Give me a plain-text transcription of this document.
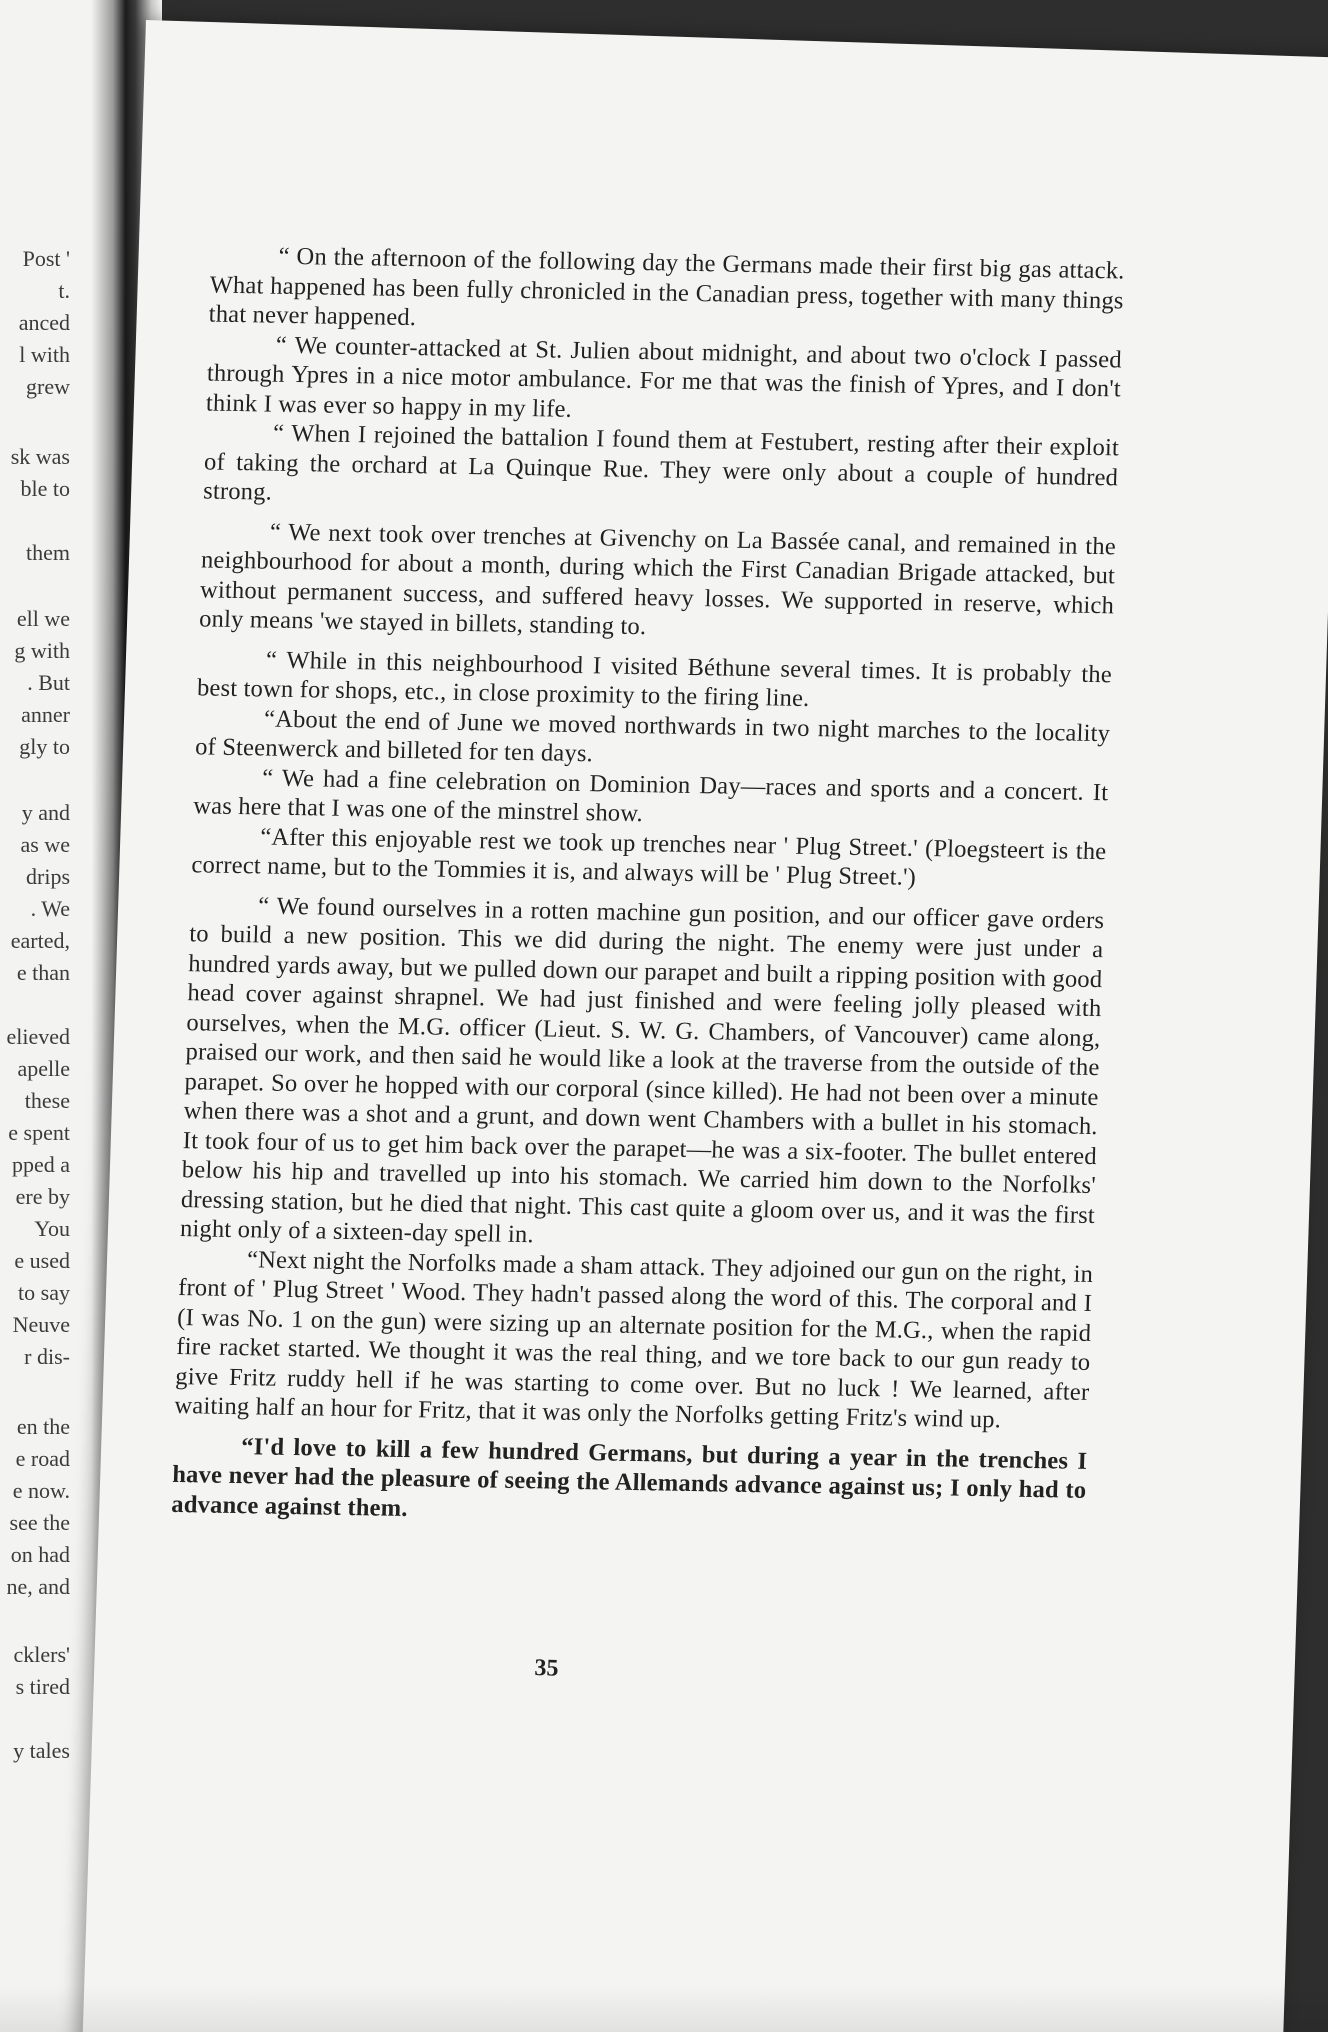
Post '
t.
anced
l with
grew
sk was
ble to
them
ell we
g with
. But
anner
gly to
y and
as we
drips
. We
earted,
e than
elieved
apelle
these
e spent
pped a
ere by
You
e used
to say
Neuve
r dis-
en the
e road
e now.
see the
on had
ne, and
cklers'
s tired
y tales

“ On the afternoon of the following day the Germans made their first big gas attack. What happened has been fully chronicled in the Canadian press, together with many things that never happened.

“ We counter-attacked at St. Julien about midnight, and about two o'clock I passed through Ypres in a nice motor ambulance. For me that was the finish of Ypres, and I don't think I was ever so happy in my life.

“ When I rejoined the battalion I found them at Festubert, resting after their exploit of taking the orchard at La Quinque Rue. They were only about a couple of hundred strong.

“ We next took over trenches at Givenchy on La Bassée canal, and remained in the neighbourhood for about a month, during which the First Canadian Brigade attacked, but without permanent success, and suffered heavy losses. We supported in reserve, which only means 'we stayed in billets, standing to.

“ While in this neighbourhood I visited Béthune several times. It is probably the best town for shops, etc., in close proximity to the firing line.

“About the end of June we moved northwards in two night marches to the locality of Steenwerck and billeted for ten days.

“ We had a fine celebration on Dominion Day—races and sports and a concert. It was here that I was one of the minstrel show.

“After this enjoyable rest we took up trenches near ' Plug Street.' (Ploegsteert is the correct name, but to the Tommies it is, and always will be ' Plug Street.')

“ We found ourselves in a rotten machine gun position, and our officer gave orders to build a new position. This we did during the night. The enemy were just under a hundred yards away, but we pulled down our parapet and built a ripping position with good head cover against shrapnel. We had just finished and were feeling jolly pleased with ourselves, when the M.G. officer (Lieut. S. W. G. Chambers, of Vancouver) came along, praised our work, and then said he would like a look at the traverse from the outside of the parapet. So over he hopped with our corporal (since killed). He had not been over a minute when there was a shot and a grunt, and down went Chambers with a bullet in his stomach. It took four of us to get him back over the parapet—he was a six-footer. The bullet entered below his hip and travelled up into his stomach. We carried him down to the Norfolks' dressing station, but he died that night. This cast quite a gloom over us, and it was the first night only of a sixteen-day spell in.

“Next night the Norfolks made a sham attack. They adjoined our gun on the right, in front of ' Plug Street ' Wood. They hadn't passed along the word of this. The corporal and I (I was No. 1 on the gun) were sizing up an alternate position for the M.G., when the rapid fire racket started. We thought it was the real thing, and we tore back to our gun ready to give Fritz ruddy hell if he was starting to come over. But no luck ! We learned, after waiting half an hour for Fritz, that it was only the Norfolks getting Fritz's wind up.

“I'd love to kill a few hundred Germans, but during a year in the trenches I have never had the pleasure of seeing the Allemands advance against us; I only had to advance against them.

35
